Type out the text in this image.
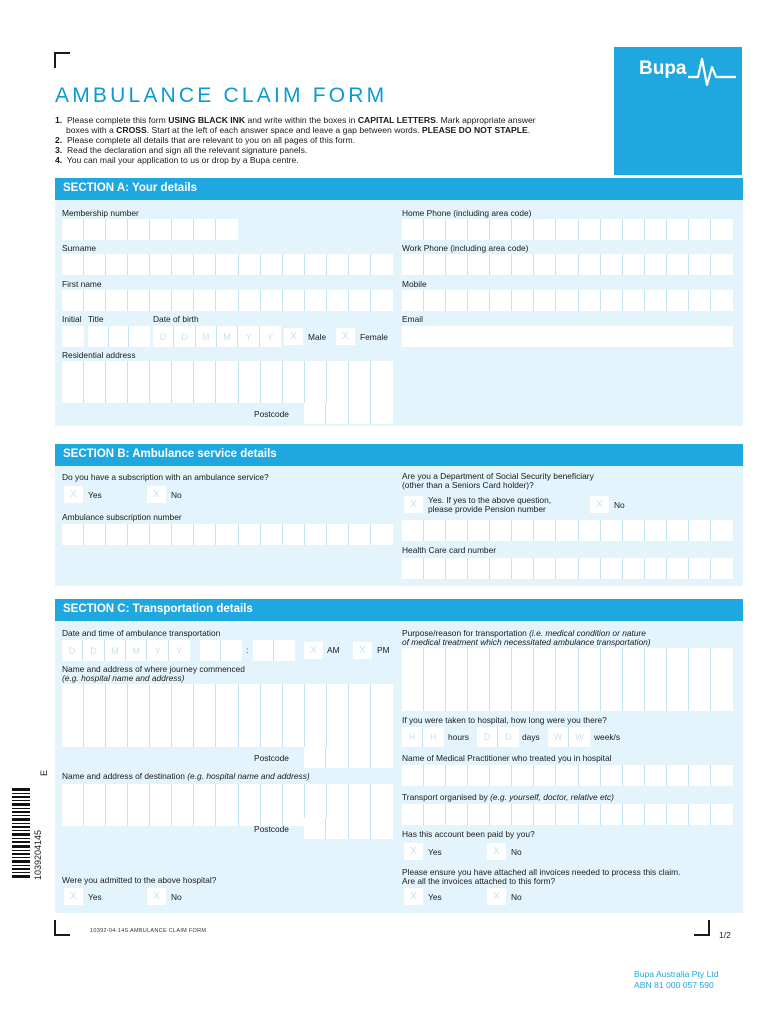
AMBULANCE CLAIM FORM
Bupa
1. Please complete this form USING BLACK INK and write within the boxes in CAPITAL LETTERS. Mark appropriate answer
boxes with a CROSS. Start at the left of each answer space and leave a gap between words. PLEASE DO NOT STAPLE.
2. Please complete all details that are relevant to you on all pages of this form.
3. Read the declaration and sign all the relevant signature panels.
4. You can mail your application to us or drop by a Bupa centre.
SECTION A: Your details
Membership number
Surname
First name
Initial Title	Date of birth
D	D	M	M	Y	Y	X	Male	X	Female
Residential address
Postcode
Home Phone (including area code)
Work Phone (including area code)
Mobile
Email
SECTION B: Ambulance service details
Do you have a subscription with an ambulance service?
X	Yes	X	No
Ambulance subscription number
Are you a Department of Social Security beneficiary
(other than a Seniors Card holder)?
X	Yes. If yes to the above question,
please provide Pension number	X	No
Health Care card number
SECTION C: Transportation details
Date and time of ambulance transportation
D	D	M	M	Y	Y	:	X	AM	X	PM
Name and address of where journey commenced
(e.g. hospital name and address)
Postcode
Name and address of destination (e.g. hospital name and address)
Postcode
Were you admitted to the above hospital?
X	Yes	X	No
Purpose/reason for transportation (i.e. medical condition or nature
of medical treatment which necessitated ambulance transportation)
If you were taken to hospital, how long were you there?
H	H	hours	D	D	days	W	W	week/s
Name of Medical Practitioner who treated you in hospital
Transport organised by (e.g. yourself, doctor, relative etc)
Has this account been paid by you?
X	Yes	X	No
Please ensure you have attached all invoices needed to process this claim.
Are all the invoices attached to this form?
X	Yes	X	No
1039204145
E
10392-04-14S AMBULANCE CLAIM FORM	1/2
Bupa Australia Pty Ltd
ABN 81 000 057 590
